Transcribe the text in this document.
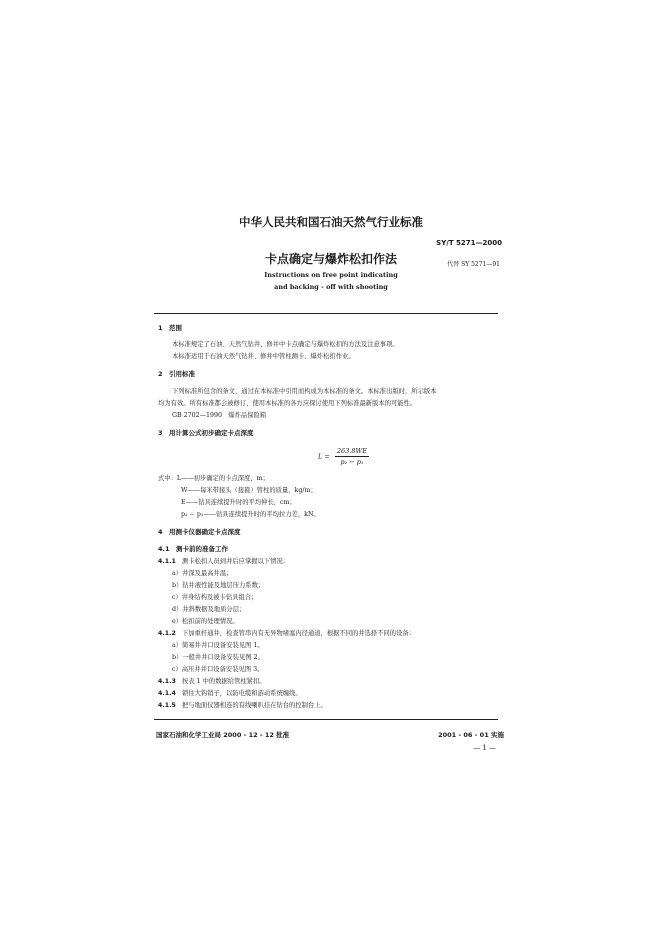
中华人民共和国石油天然气行业标准
SY/T 5271—2000
卡点确定与爆炸松扣作法	代替 SY 5271—91
Instructions on free point indicating
and backing - off with shooting
1　范围
本标准规定了石油、天然气钻井、修井中卡点确定与爆炸松扣的方法及注意事项。
本标准适用于石油天然气钻井、修井中管柱测卡、爆炸松扣作业。
2　引用标准
下列标准所包含的条文，通过在本标准中引用而构成为本标准的条文。本标准出版时，所示版本
均为有效。所有标准都会被修订，使用本标准的各方应探讨使用下列标准最新版本的可能性。
GB 2702—1990　爆炸品保险箱
3　用计算公式初步确定卡点深度
$L = \frac{263.8WE}{\text{p₂ − p₁}}$
式中：L——初步确定的卡点深度，m；
W——每米带接头（接箍）管柱的质量，kg/m；
E——钻具连续提升时的平均伸长，cm；
p₂ − p₁——钻具连续提升时的平均拉力差，kN。
4　用测卡仪器确定卡点深度
4.1　测卡前的准备工作
4.1.1 测卡松扣人员到井后应掌握以下情况：
a）井深及最高井温；
b）钻井液性能及地层压力系数；
c）井身结构及被卡钻具组合；
d）井斜数据及地质分层；
e）松扣前的处理情况。
4.1.2 下加重杆通井，检查管串内有无异物堵塞内径通道，根据不同的井选择不同的设备：
a）简易井井口设备安装见图 1。
b）一般井井口设备安装见图 2。
c）高压井井口设备安装见图 3。
4.1.3 按表 1 中的数据给管柱紧扣。
4.1.4 锁住大钩销子，以防电缆和游动系统缠绕。
4.1.5 把与地面仪器相连的有线喇叭挂在钻台的控制台上。
国家石油和化学工业局 2000 - 12 - 12 批准	2001 - 06 - 01 实施
— 1 —
